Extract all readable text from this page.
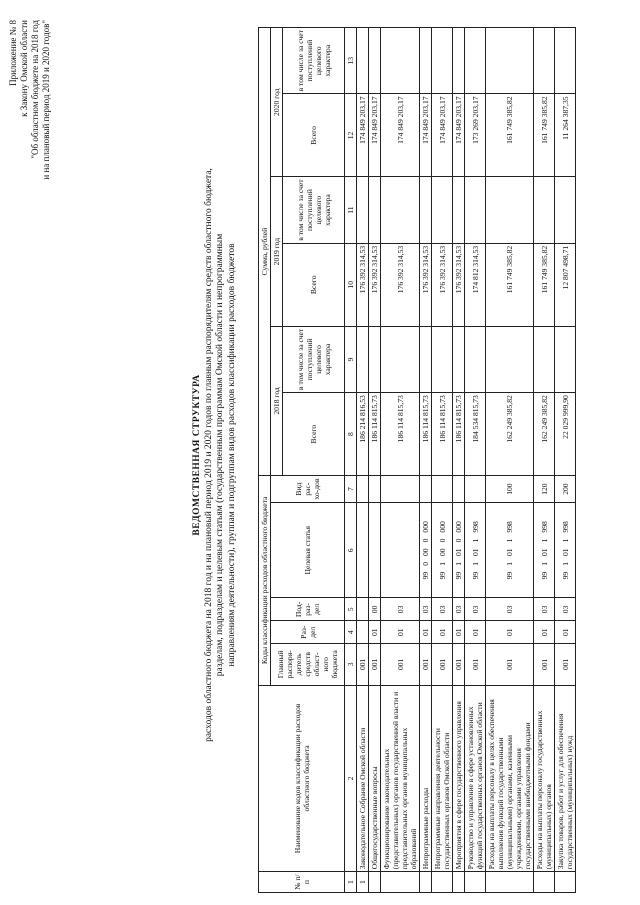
Приложение № 8 к Закону Омской области "Об областном бюджете на 2018 год и на плановый период 2019 и 2020 годов"
ВЕДОМСТВЕННАЯ СТРУКТУРА расходов областного бюджета на 2018 год и на плановый период 2019 и 2020 годов по главным распорядителям средств областного бюджета, разделам, подразделам и целевым статьям (государственным программам Омской области и непрограммным направлениям деятельности), группам и подгруппам видов расходов классификации расходов бюджетов
№ п/п	Наименование кодов классификации расходов областного бюджета	Коды классификации расходов областного бюджета					Сумма, рублей					
		Главный распоря-дитель средств област-ного бюджета	Раз-дел	Под-раз-дел	Целевая статья	Вид рас-хо-дов	2018 год		2019 год		2020 год	
							Всего	в том числе за счет поступлений целевого характера	Всего	в том числе за счет поступлений целевого характера	Всего	в том числе за счет поступлений целевого характера
1	2	3	4	5	6	7	8	9	10	11	12	13
1	Законодательное Собрание Омской области	001					186 214 816,53		176 392 314,53		174 849 203,17	
	Общегосударственные вопросы	001	01	00			186 114 815,73		176 392 314,53		174 849 203,17	
	Функционирование законодательных (представительных) органов государственной власти и представительных органов муниципальных образований	001	01	03			186 114 815,73		176 392 314,53		174 849 203,17	
	Непрограммные расходы	001	01	03	990000000		186 114 815,73		176 392 314,53		174 849 203,17	
	Непрограммные направления деятельности государственных органов Омской области	001	01	03	991000000		186 114 815,73		176 392 314,53		174 849 203,17	
	Мероприятия в сфере государственного управления	001	01	03	991010000		186 114 815,73		176 392 314,53		174 849 203,17	
	Руководство и управление в сфере установленных функций государственных органов Омской области	001	01	03	991011998		184 534 815,73		174 812 314,53		173 269 203,17	
	Расходы на выплаты персоналу в целях обеспечения выполнения функций государственными (муниципальными) органами, казенными учреждениями, органами управления государственными внебюджетными фондами	001	01	03	991011998	100	162 249 385,82		161 749 385,82		161 749 385,82	
	Расходы на выплаты персоналу государственных (муниципальных) органов	001	01	03	991011998	120	162 249 385,82		161 749 385,82		161 749 385,82	
	Закупка товаров, работ и услуг для обеспечения государственных (муниципальных) нужд	001	01	03	991011998	200	22 029 999,90		12 807 498,71		11 264 387,35	
